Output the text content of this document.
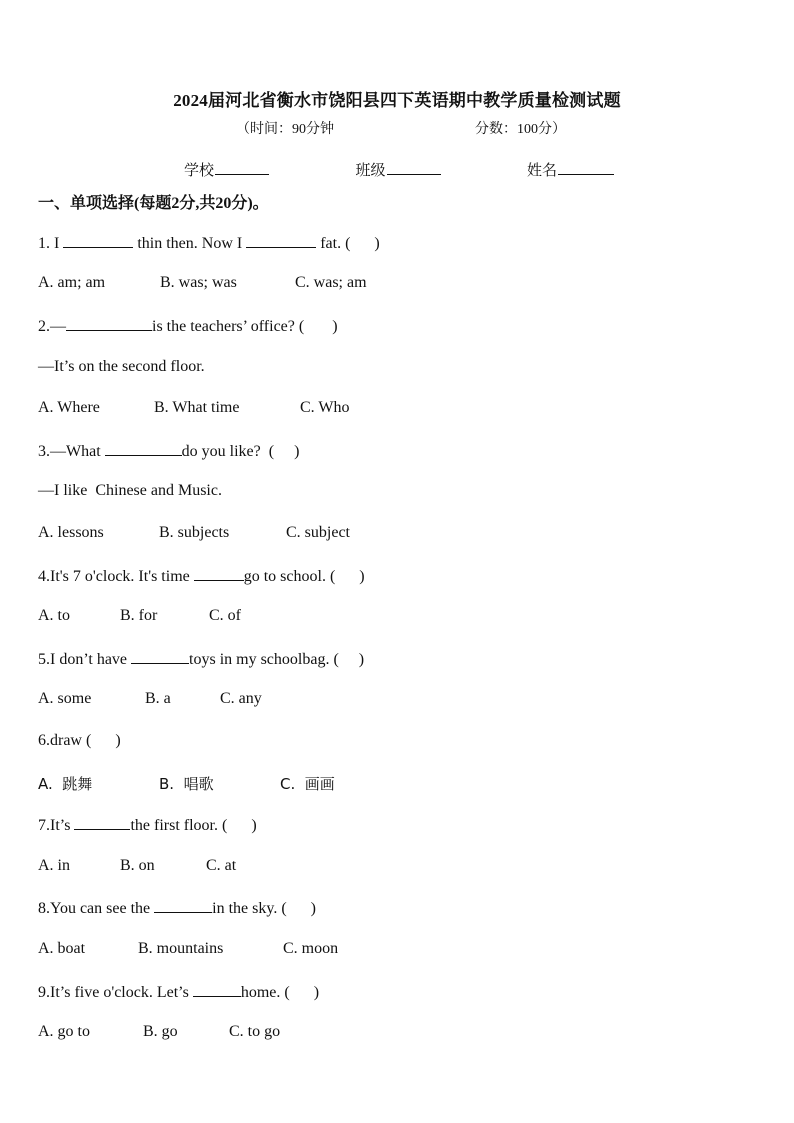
2024届河北省衡水市饶阳县四下英语期中教学质量检测试题
（时间：90分钟	分数：100分）
学校	班级	姓名
一、单项选择(每题2分,共20分)。
1. I	thin then. Now I	fat. (      )
A. am; am	B. was; was	C. was; am
2.—	is the teachers’ office? (       )
—It’s on the second floor.
A. Where	B. What time	C. Who
3.—What	do you like?  (     )
—I like  Chinese and Music.
A. lessons	B. subjects	C. subject
4.It's 7 o'clock. It's time	go to school. (      )
A. to	B. for	C. of
5.I don’t have	toys in my schoolbag. (     )
A. some	B. a	C. any
6.draw (      )
A.  跳舞	B.  唱歌	C.  画画
7.It’s	the first floor. (      )
A. in	B. on	C. at
8.You can see the	in the sky. (      )
A. boat	B. mountains	C. moon
9.It’s five o'clock. Let’s	home. (      )
A. go to	B. go	C. to go
